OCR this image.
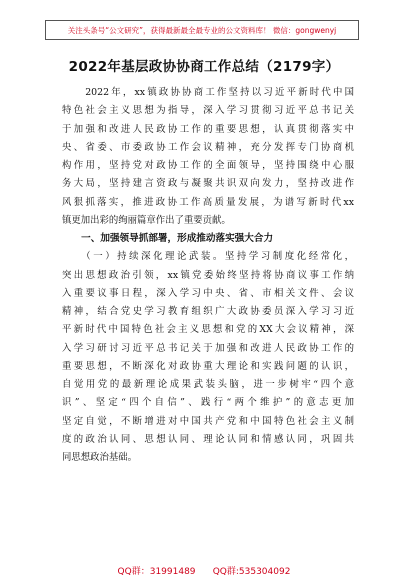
关注头条号“公文研究”，获得最新最全最专业的公文资料库！ 微信：gongwenyj
2022年基层政协协商工作总结（2179字）
　　2022年，xx镇政协协商工作坚持以习近平新时代中国
特色社会主义思想为指导，深入学习贯彻习近平总书记关
于加强和改进人民政协工作的重要思想，认真贯彻落实中
央、省委、市委政协工作会议精神，充分发挥专门协商机
构作用，坚持党对政协工作的全面领导，坚持围绕中心服
务大局，坚持建言资政与凝聚共识双向发力，坚持改进作
风狠抓落实，推进政协工作高质量发展，为谱写新时代xx
镇更加出彩的绚丽篇章作出了重要贡献。
　　一、加强领导抓部署，形成推动落实强大合力
　　（一）持续深化理论武装。坚持学习制度化经常化，
突出思想政治引领，xx镇党委始终坚持将协商议事工作纳
入重要议事日程，深入学习中央、省、市相关文件、会议
精神，结合党史学习教育组织广大政协委员深入学习习近
平新时代中国特色社会主义思想和党的XX大会议精神，深
入学习研讨习近平总书记关于加强和改进人民政协工作的
重要思想，不断深化对政协重大理论和实践问题的认识，
自觉用党的最新理论成果武装头脑，进一步树牢“四个意
识”、坚定“四个自信”、践行“两个维护”的意志更加
坚定自觉，不断增进对中国共产党和中国特色社会主义制
度的政治认同、思想认同、理论认同和情感认同，巩固共
同思想政治基础。
QQ群：31991489      QQ群:535304092
